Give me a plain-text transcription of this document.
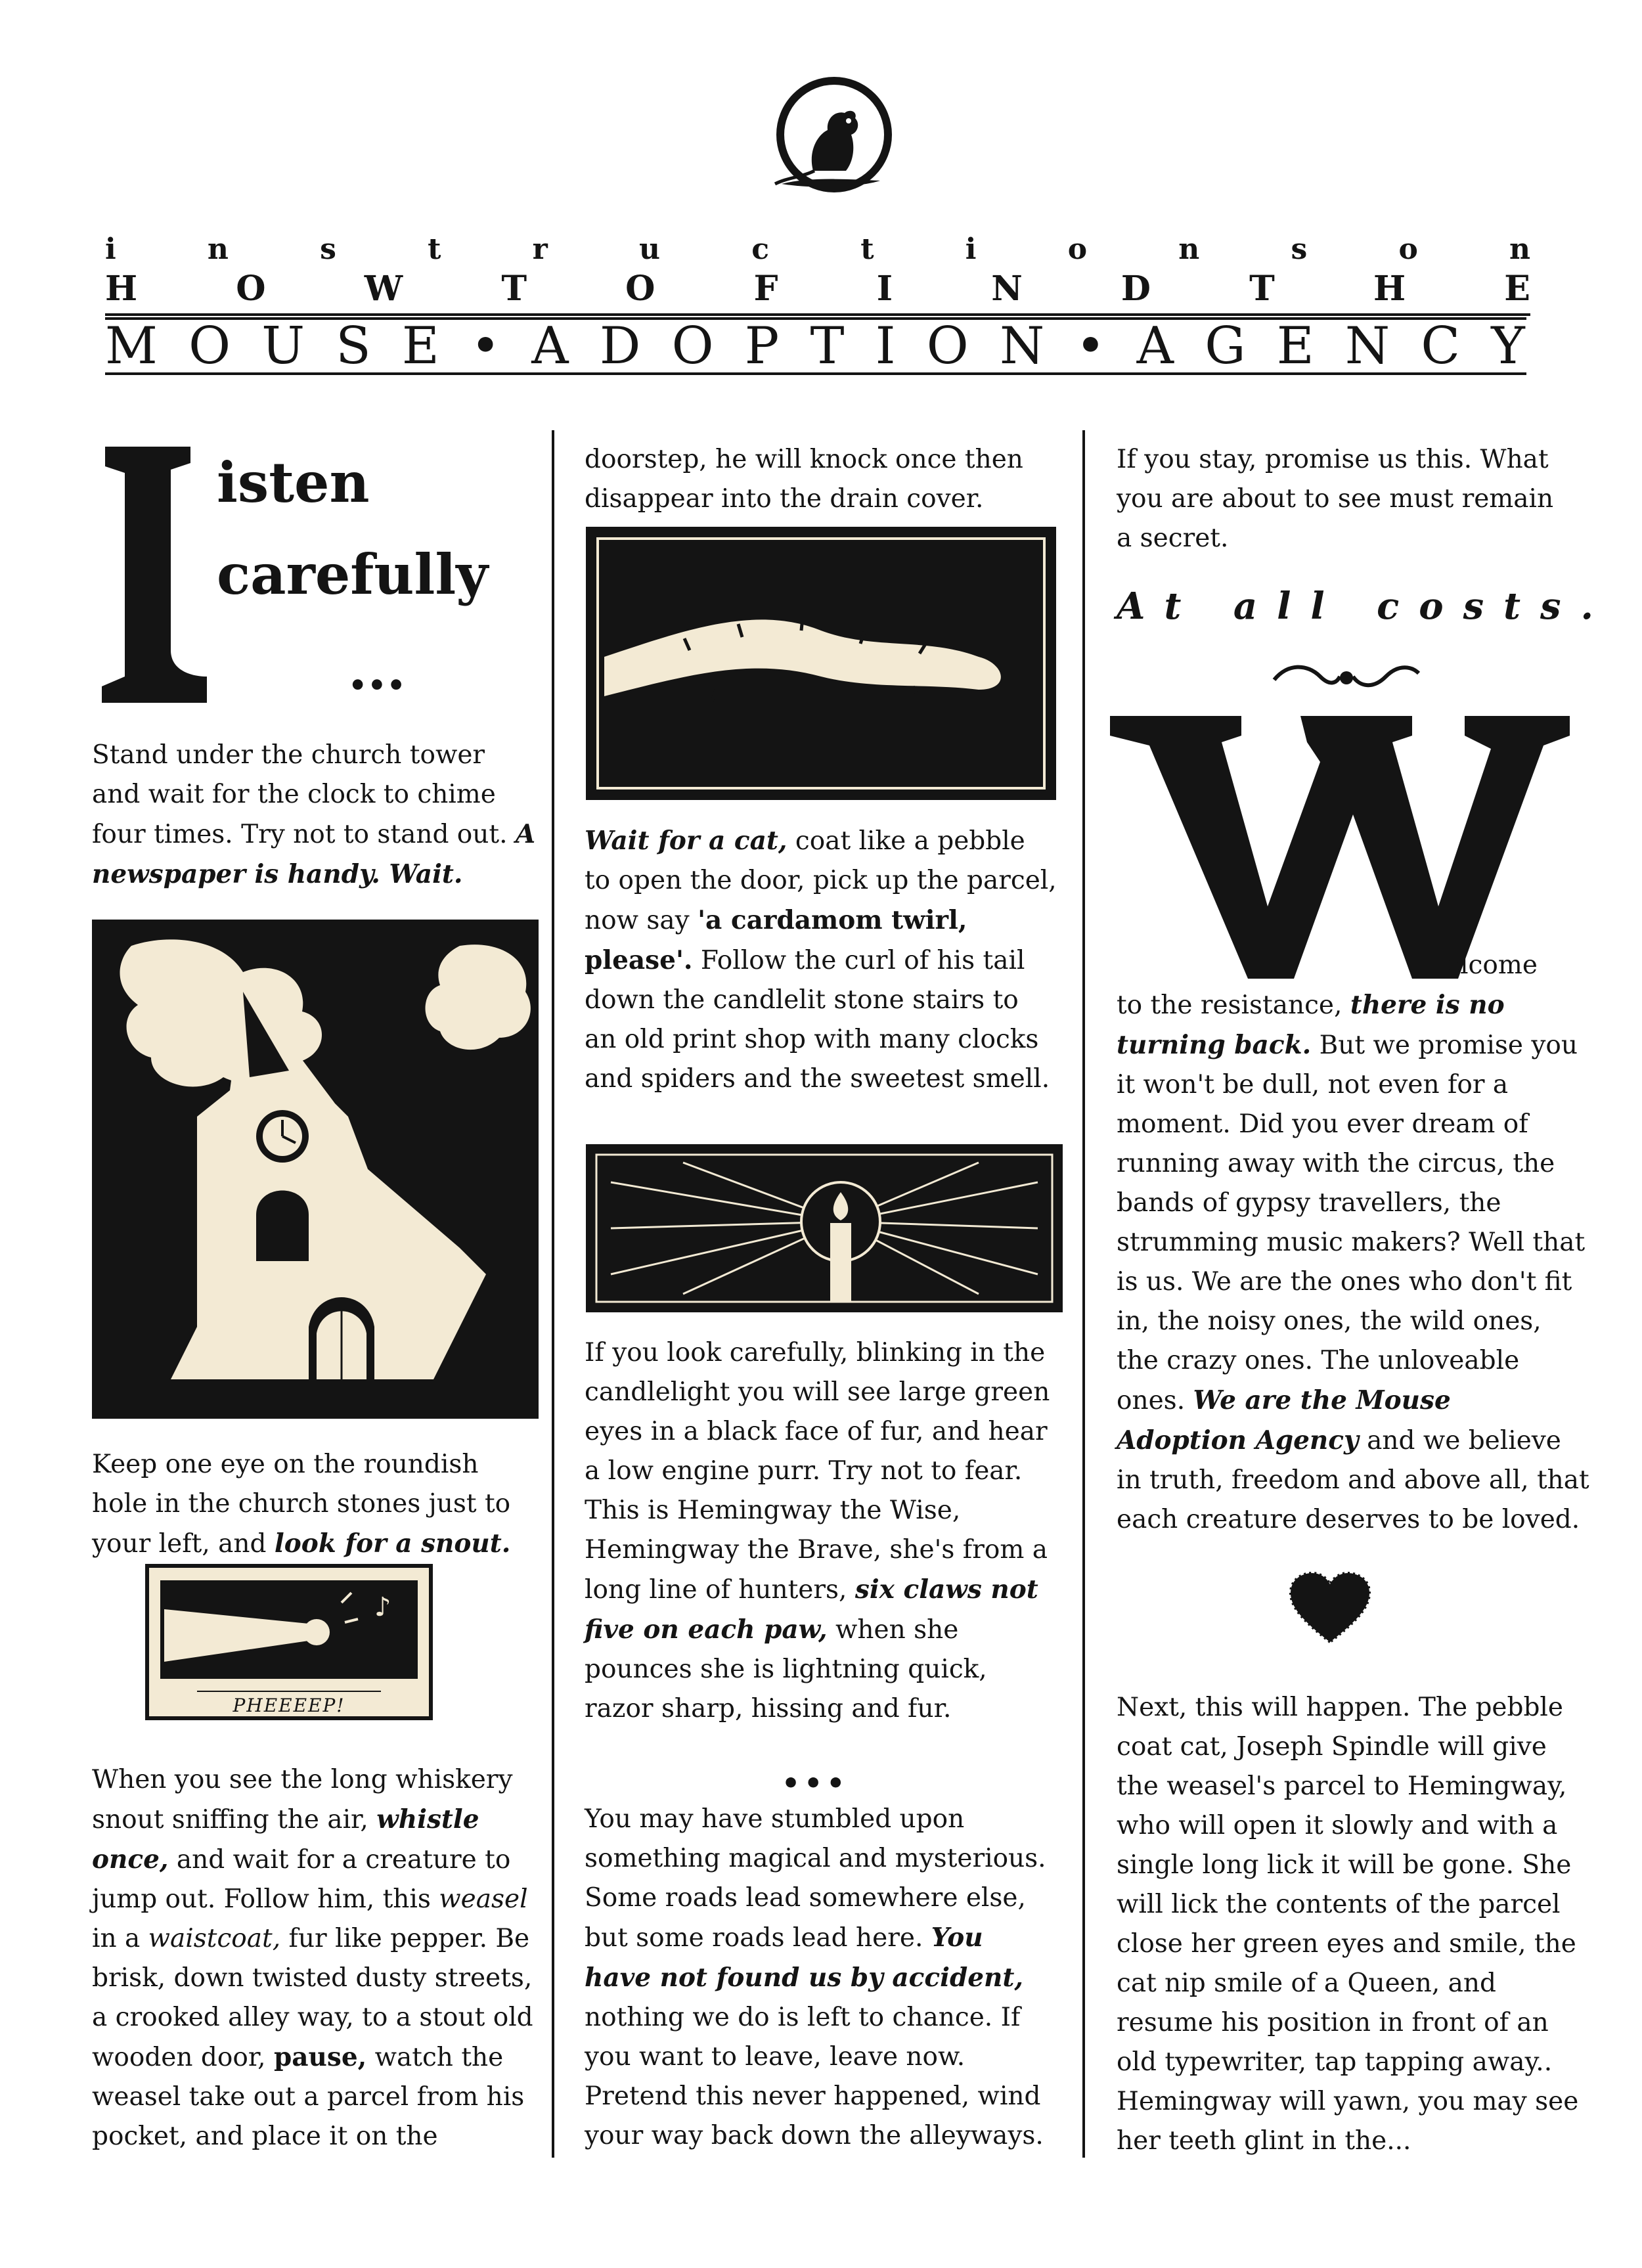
i	n	s	t	r	u	c	t	i	o	n	s	o	n
H	O	W	T	O	F	I	N	D	T	H	E
M O U S E • A D O P T I O N • A G E N C Y
isten
carefully
...

Stand under the church tower and wait for the clock to chime four times. Try not to stand out. A newspaper is handy. Wait.

Keep one eye on the roundish hole in the church stones just to your left, and look for a snout.

♪
PHEEEEP!

When you see the long whiskery snout sniffing the air, whistle once, and wait for a creature to jump out. Follow him, this weasel in a waistcoat, fur like pepper. Be brisk, down twisted dusty streets, a crooked alley way, to a stout old wooden door, pause, watch the weasel take out a parcel from his pocket, and place it on the

doorstep, he will knock once then disappear into the drain cover.

Wait for a cat, coat like a pebble to open the door, pick up the parcel, now say 'a cardamom twirl, please'. Follow the curl of his tail down the candlelit stone stairs to an old print shop with many clocks and spiders and the sweetest smell.

If you look carefully, blinking in the candlelight you will see large green eyes in a black face of fur, and hear a low engine purr. Try not to fear. This is Hemingway the Wise, Hemingway the Brave, she's from a long line of hunters, six claws not five on each paw, when she pounces she is lightning quick, razor sharp, hissing and fur.

•••

You may have stumbled upon something magical and mysterious. Some roads lead somewhere else, but some roads lead here. You have not found us by accident, nothing we do is left to chance. If you want to leave, leave now. Pretend this never happened, wind your way back down the alleyways.

If you stay, promise us this. What you are about to see must remain a secret.

At all costs.
elcome

to the resistance, there is no turning back. But we promise you it won't be dull, not even for a moment. Did you ever dream of running away with the circus, the bands of gypsy travellers, the strumming music makers? Well that is us. We are the ones who don't fit in, the noisy ones, the wild ones, the crazy ones. The unloveable ones. We are the Mouse Adoption Agency and we believe in truth, freedom and above all, that each creature deserves to be loved.

Next, this will happen. The pebble coat cat, Joseph Spindle will give the weasel's parcel to Hemingway, who will open it slowly and with a single long lick it will be gone. She will lick the contents of the parcel close her green eyes and smile, the cat nip smile of a Queen, and resume his position in front of an old typewriter, tap tapping away.. Hemingway will yawn, you may see her teeth glint in the...
